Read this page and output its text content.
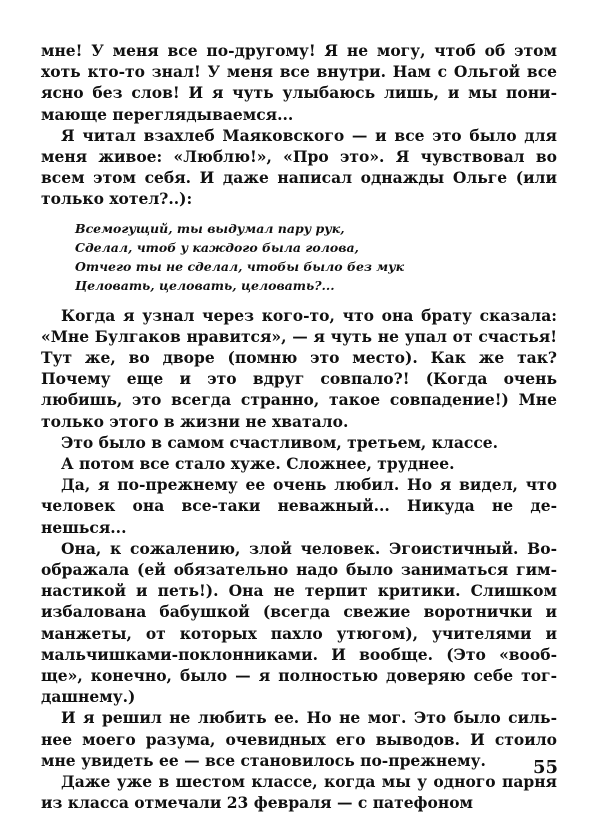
мне! У меня все по-другому! Я не могу, чтоб об этом хоть кто-то знал! У меня все внутри. Нам с Ольгой все ясно без слов! И я чуть улыбаюсь лишь, и мы понимающе переглядываемся...

Я читал взахлеб Маяковского — и все это было для меня живое: «Люблю!», «Про это». Я чувствовал во всем этом себя. И даже написал однажды Ольге (или только хотел?..):

Всемогущий, ты выдумал пару рук,
Сделал, чтоб у каждого была голова,
Отчего ты не сделал, чтобы было без мук
Целовать, целовать, целовать?...

Когда я узнал через кого-то, что она брату сказала: «Мне Булгаков нравится», — я чуть не упал от счастья! Тут же, во дворе (помню это место). Как же так? Почему еще и это вдруг совпало?! (Когда очень любишь, это всегда странно, такое совпадение!) Мне только этого в жизни не хватало.

Это было в самом счастливом, третьем, классе.

А потом все стало хуже. Сложнее, труднее.

Да, я по-прежнему ее очень любил. Но я видел, что человек она все-таки неважный... Никуда не денешься...

Она, к сожалению, злой человек. Эгоистичный. Воображала (ей обязательно надо было заниматься гимнастикой и петь!). Она не терпит критики. Слишком избалована бабушкой (всегда свежие воротнички и манжеты, от которых пахло утюгом), учителями и мальчишками-поклонниками. И вообще. (Это «вообще», конечно, было — я полностью доверяю себе тогдашнему.)

И я решил не любить ее. Но не мог. Это было сильнее моего разума, очевидных его выводов. И стоило мне увидеть ее — все становилось по-прежнему.

Даже уже в шестом классе, когда мы у одного парня из класса отмечали 23 февраля — с патефоном

55
